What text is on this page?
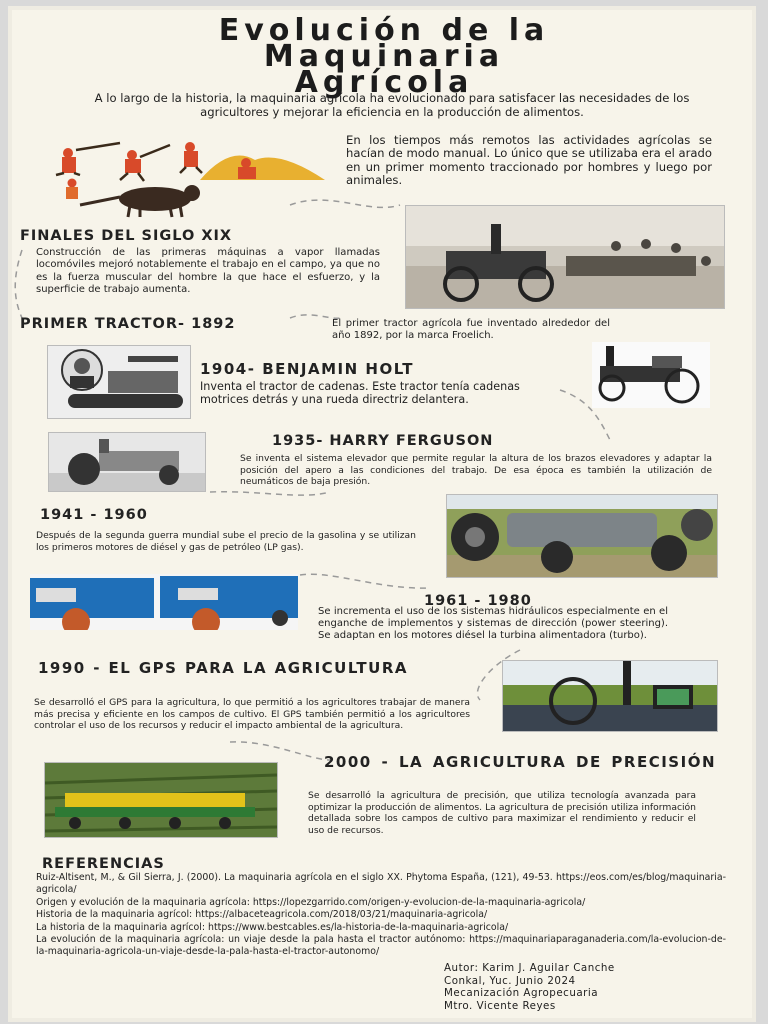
Evolución de la
Maquinaria
Agrícola
A lo largo de la historia, la maquinaria agrícola ha evolucionado para satisfacer las necesidades de los agricultores y mejorar la eficiencia en la producción de alimentos.
En los tiempos más remotos las actividades agrícolas se hacían de modo manual. Lo único que se utilizaba era el arado en un primer momento traccionado por hombres y luego por animales.
FINALES DEL SIGLO XIX
Construcción de las primeras máquinas a vapor llamadas locomóviles mejoró notablemente el trabajo en el campo, ya que no es la fuerza muscular del hombre la que hace el esfuerzo, y la superficie de trabajo aumenta.
PRIMER TRACTOR- 1892	El primer tractor agrícola fue inventado alrededor del año 1892, por la marca Froelich.
1904- BENJAMIN HOLT
Inventa el tractor de cadenas. Este tractor tenía cadenas motrices detrás y una rueda directriz delantera.
1935- HARRY FERGUSON
Se inventa el sistema elevador que permite regular la altura de los brazos elevadores y adaptar la posición del apero a las condiciones del trabajo. De esa época es también la utilización de neumáticos de baja presión.
1941 - 1960
Después de la segunda guerra mundial sube el precio de la gasolina y se utilizan los primeros motores de diésel y gas de petróleo (LP gas).
1961 - 1980
Se incrementa el uso de los sistemas hidráulicos especialmente en el enganche de implementos y sistemas de dirección (power steering). Se adaptan en los motores diésel la turbina alimentadora (turbo).
1990 - EL GPS PARA LA AGRICULTURA
Se desarrolló el GPS para la agricultura, lo que permitió a los agricultores trabajar de manera más precisa y eficiente en los campos de cultivo. El GPS también permitió a los agricultores controlar el uso de los recursos y reducir el impacto ambiental de la agricultura.
2000 - LA AGRICULTURA DE PRECISIÓN
Se desarrolló la agricultura de precisión, que utiliza tecnología avanzada para optimizar la producción de alimentos. La agricultura de precisión utiliza información detallada sobre los campos de cultivo para maximizar el rendimiento y reducir el uso de recursos.
REFERENCIAS
Ruiz-Altisent, M., & Gil Sierra, J. (2000). La maquinaria agrícola en el siglo XX. Phytoma España, (121), 49-53. https://eos.com/es/blog/maquinaria-agricola/
Origen y evolución de la maquinaria agrícola: https://lopezgarrido.com/origen-y-evolucion-de-la-maquinaria-agricola/
Historia de la maquinaria agrícol: https://albaceteagricola.com/2018/03/21/maquinaria-agricola/
La historia de la maquinaria agrícol: https://www.bestcables.es/la-historia-de-la-maquinaria-agricola/
La evolución de la maquinaria agrícola: un viaje desde la pala hasta el tractor autónomo: https://maquinariaparaganaderia.com/la-evolucion-de-la-maquinaria-agricola-un-viaje-desde-la-pala-hasta-el-tractor-autonomo/
Autor: Karim J. Aguilar Canche
Conkal, Yuc. Junio 2024
Mecanización Agropecuaria
Mtro. Vicente Reyes
